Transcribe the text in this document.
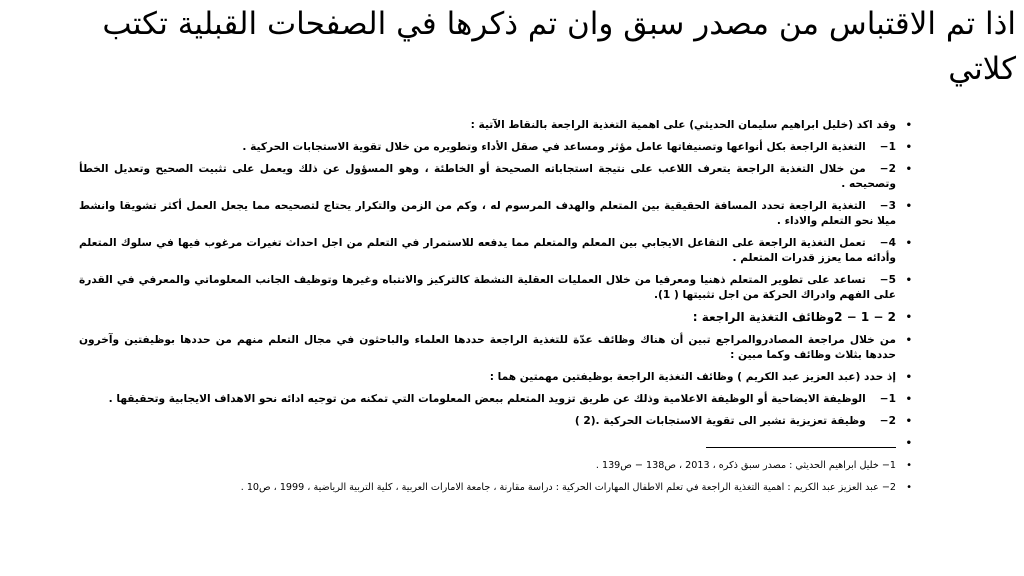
اذا تم الاقتباس من مصدر سبق وان تم ذكرها في الصفحات القبلية تكتب كلاتي
•
وقد اكد (خليل ابراهيم سليمان الحديثي) على اهمية التغذية الراجعة بالنقاط الآتية :
•
1−التغذية الراجعة بكل أنواعها وتصنيفاتها عامل مؤثر ومساعد في صقل الأداء وتطويره من خلال تقوية الاستجابات الحركية .
•
2−من خلال التغذية الراجعة يتعرف اللاعب على نتيجة استجاباته الصحيحة أو الخاطئة ، وهو المسؤول عن ذلك ويعمل على تثبيت الصحيح وتعديل الخطأ وتصحيحه .
•
3−التغذية الراجعة تحدد المسافة الحقيقية بين المتعلم والهدف المرسوم له ، وكم من الزمن والتكرار يحتاج لتصحيحه مما يجعل العمل أكثر تشويقا وانشط ميلا نحو التعلم والاداء .
•
4−تعمل التغذية الراجعة على التفاعل الايجابي بين المعلم والمتعلم مما يدفعه للاستمرار في التعلم من اجل احداث تغيرات مرغوب فيها في سلوك المتعلم وأدائه مما يعزز قدرات المتعلم .
•
5−تساعد على تطوير المتعلم ذهنيا ومعرفيا من خلال العمليات العقلية النشطة كالتركيز والانتباه وغيرها وتوظيف الجانب المعلوماتي والمعرفي في القدرة على الفهم وادراك الحركة من اجل تثبيتها ( 1).
•
2 − 1 − 2وظائف التغذية الراجعة :
•
من خلال مراجعة المصادروالمراجع تبين أن هناك وظائف عدّة للتغذية الراجعة حددها العلماء والباحثون في مجال التعلم منهم من حددها بوظيفتين وآخرون حددها بثلاث وظائف وكما مبين :
•
إذ حدد (عبد العزيز عبد الكريم ) وظائف التغذية الراجعة بوظيفتين مهمتين هما :
•
1−الوظيفة الايضاحية أو الوظيفة الاعلامية وذلك عن طريق تزويد المتعلم ببعض المعلومات التي تمكنه من توجيه ادائه نحو الاهداف الايجابية وتحقيقها .
•
2−وظيفة تعزيزية تشير الى تقوية الاستجابات الحركية .(2 )
•
•
1− خليل ابراهيم الحديثي : مصدر سبق ذكره ، 2013 ، ص138 − ص139 .
•
2− عبد العزيز عبد الكريم : اهمية التغذية الراجعة في تعلم الاطفال المهارات الحركية : دراسة مقارنة ، جامعة الامارات العربية ، كلية التربية الرياضية ، 1999 ، ص10 .
